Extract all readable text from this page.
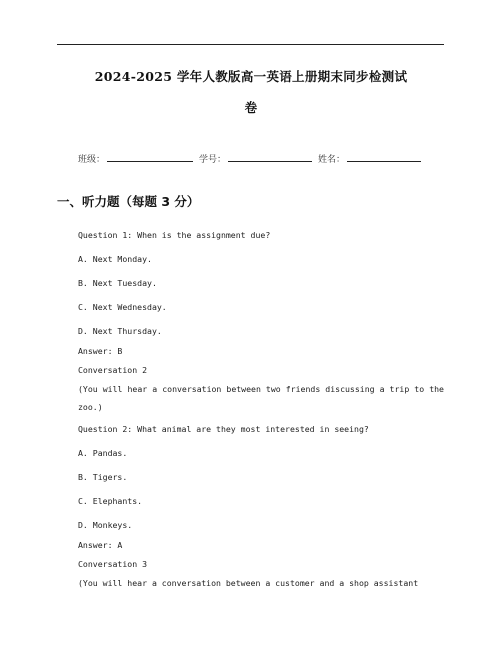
2024-2025 学年人教版高一英语上册期末同步检测试
卷
班级：	学号：	姓名：
一、听力题（每题 3 分）
Question 1: When is the assignment due?
A. Next Monday.
B. Next Tuesday.
C. Next Wednesday.
D. Next Thursday.
Answer: B
Conversation 2
(You will hear a conversation between two friends discussing a trip to the zoo.)
Question 2: What animal are they most interested in seeing?
A. Pandas.
B. Tigers.
C. Elephants.
D. Monkeys.
Answer: A
Conversation 3
(You will hear a conversation between a customer and a shop assistant
